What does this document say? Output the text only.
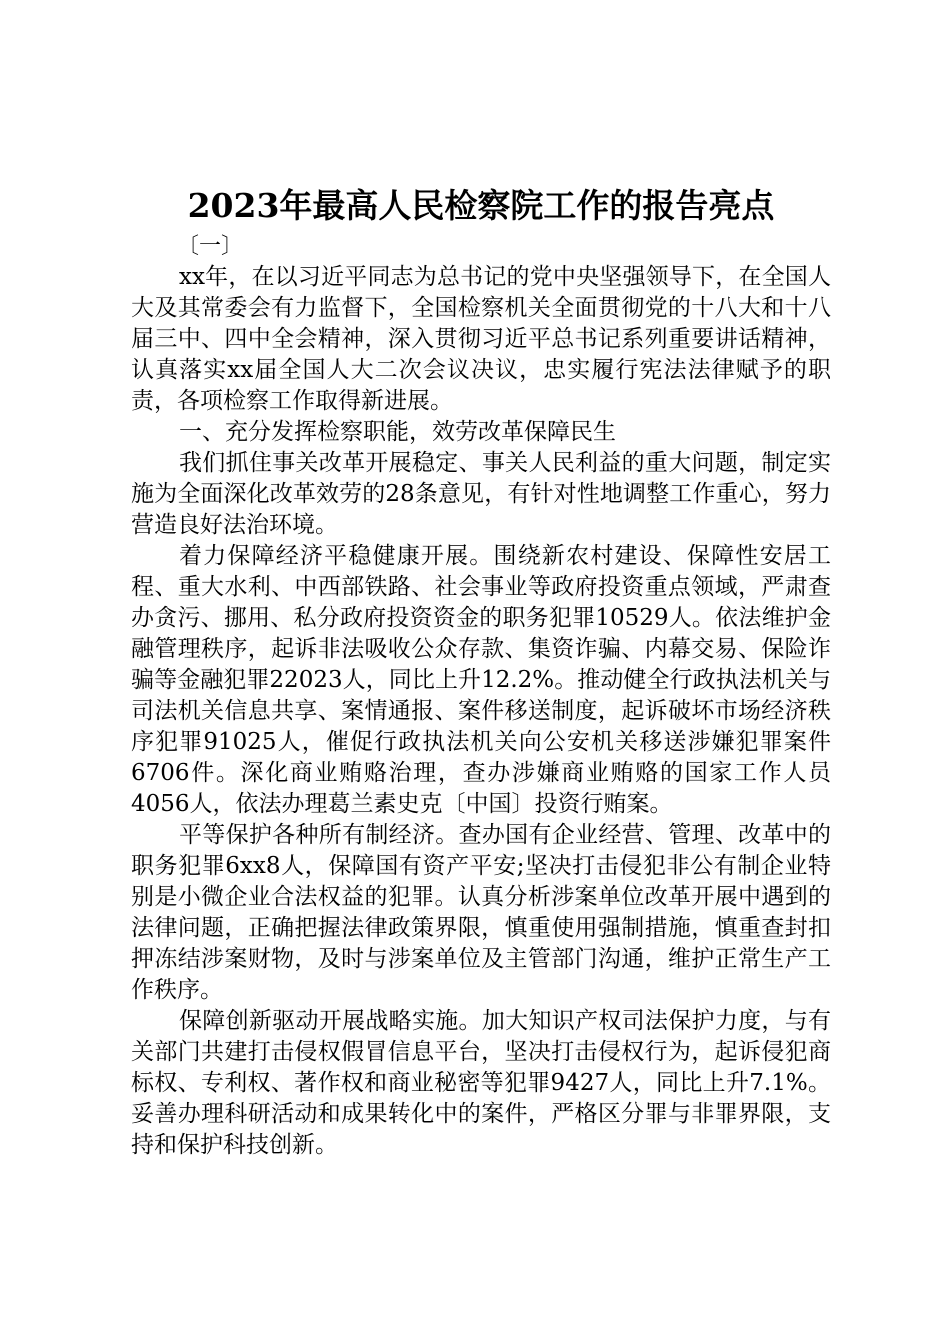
2023年最高人民检察院工作的报告亮点

〔一〕

xx年，在以习近平同志为总书记的党中央坚强领导下，在全国人大及其常委会有力监督下，全国检察机关全面贯彻党的十八大和十八届三中、四中全会精神，深入贯彻习近平总书记系列重要讲话精神，认真落实xx届全国人大二次会议决议，忠实履行宪法法律赋予的职责，各项检察工作取得新进展。

一、充分发挥检察职能，效劳改革保障民生

我们抓住事关改革开展稳定、事关人民利益的重大问题，制定实施为全面深化改革效劳的28条意见，有针对性地调整工作重心，努力营造良好法治环境。

着力保障经济平稳健康开展。围绕新农村建设、保障性安居工程、重大水利、中西部铁路、社会事业等政府投资重点领域，严肃查办贪污、挪用、私分政府投资资金的职务犯罪10529人。依法维护金融管理秩序，起诉非法吸收公众存款、集资诈骗、内幕交易、保险诈骗等金融犯罪22023人，同比上升12.2%。推动健全行政执法机关与司法机关信息共享、案情通报、案件移送制度，起诉破坏市场经济秩序犯罪91025人，催促行政执法机关向公安机关移送涉嫌犯罪案件6706件。深化商业贿赂治理，查办涉嫌商业贿赂的国家工作人员4056人，依法办理葛兰素史克〔中国〕投资行贿案。

平等保护各种所有制经济。查办国有企业经营、管理、改革中的职务犯罪6xx8人，保障国有资产平安;坚决打击侵犯非公有制企业特别是小微企业合法权益的犯罪。认真分析涉案单位改革开展中遇到的法律问题，正确把握法律政策界限，慎重使用强制措施，慎重查封扣押冻结涉案财物，及时与涉案单位及主管部门沟通，维护正常生产工作秩序。

保障创新驱动开展战略实施。加大知识产权司法保护力度，与有关部门共建打击侵权假冒信息平台，坚决打击侵权行为，起诉侵犯商标权、专利权、著作权和商业秘密等犯罪9427人，同比上升7.1%。妥善办理科研活动和成果转化中的案件，严格区分罪与非罪界限，支持和保护科技创新。
